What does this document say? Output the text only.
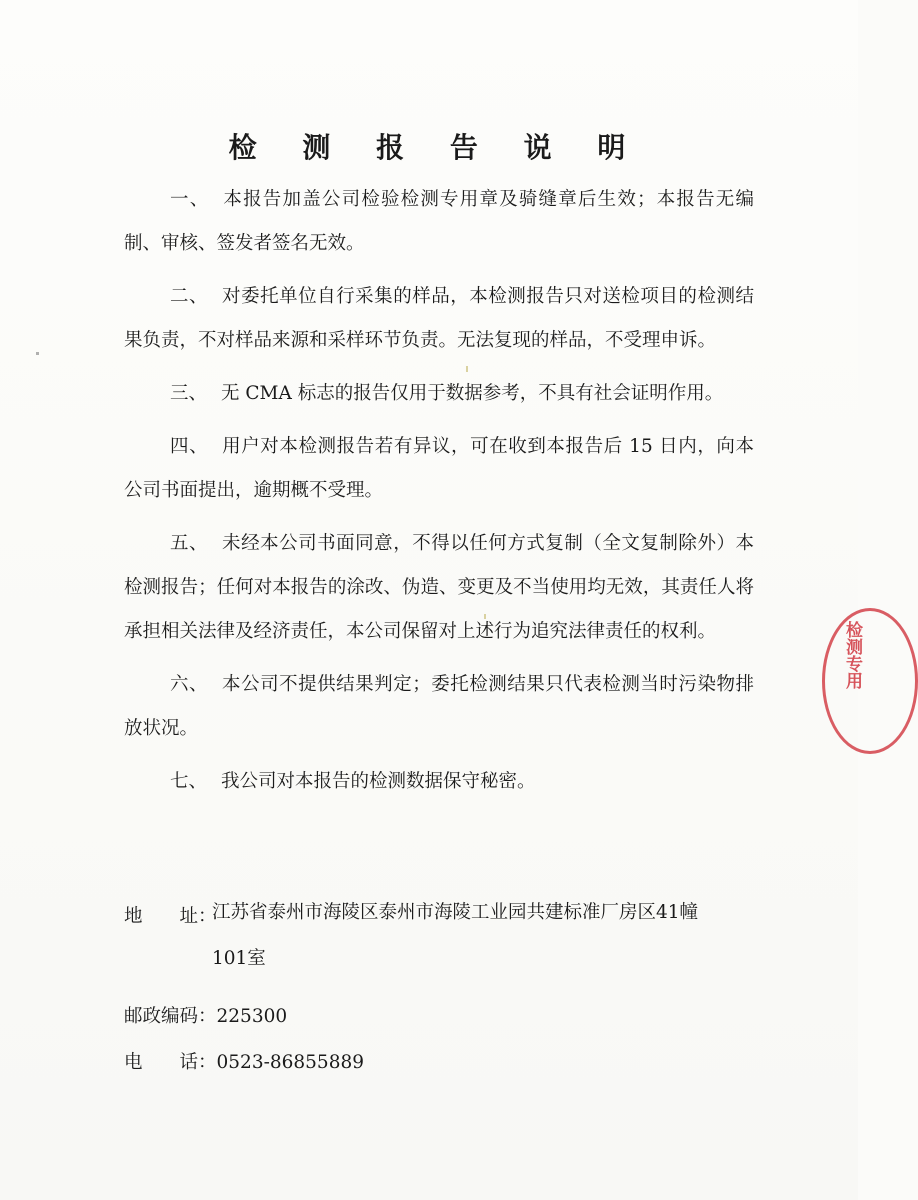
检 测 报 告 说 明

一、 本报告加盖公司检验检测专用章及骑缝章后生效；本报告无编制、审核、签发者签名无效。

二、 对委托单位自行采集的样品，本检测报告只对送检项目的检测结果负责，不对样品来源和采样环节负责。无法复现的样品，不受理申诉。

三、 无 CMA 标志的报告仅用于数据参考，不具有社会证明作用。

四、 用户对本检测报告若有异议，可在收到本报告后 15 日内，向本公司书面提出，逾期概不受理。

五、 未经本公司书面同意，不得以任何方式复制（全文复制除外）本检测报告；任何对本报告的涂改、伪造、变更及不当使用均无效，其责任人将承担相关法律及经济责任，本公司保留对上述行为追究法律责任的权利。

六、 本公司不提供结果判定；委托检测结果只代表检测当时污染物排放状况。

七、 我公司对本报告的检测数据保守秘密。

地　　址：
江苏省泰州市海陵区泰州市海陵工业园共建标准厂房区41幢101室
邮政编码：225300
电　　话：0523-86855889
检测专用
